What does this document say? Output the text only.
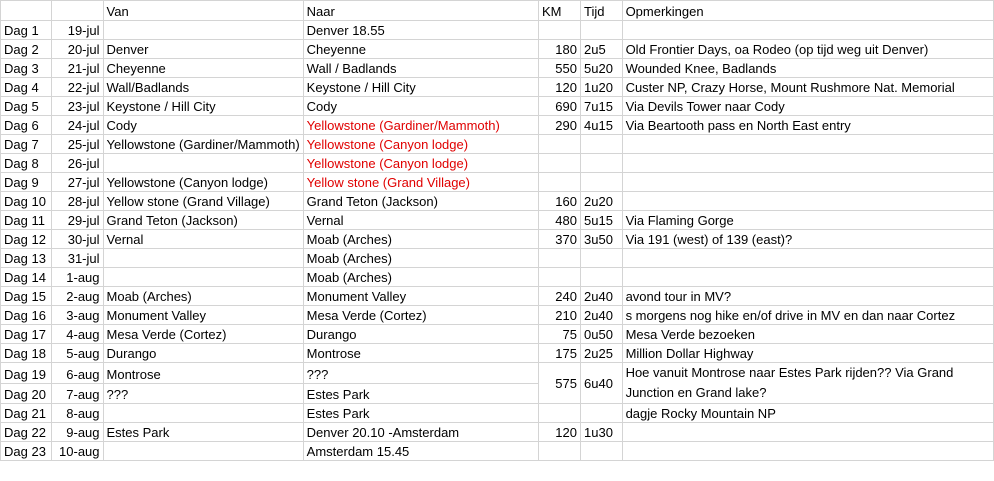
		Van	Naar	KM	Tijd	Opmerkingen
Dag 1	19-jul		Denver 18.55			
Dag 2	20-jul	Denver	Cheyenne	180	2u5	Old Frontier Days, oa Rodeo (op tijd weg uit Denver)
Dag 3	21-jul	Cheyenne	Wall / Badlands	550	5u20	Wounded Knee, Badlands
Dag 4	22-jul	Wall/Badlands	Keystone / Hill City	120	1u20	Custer NP, Crazy Horse, Mount Rushmore Nat. Memorial
Dag 5	23-jul	Keystone / Hill City	Cody	690	7u15	Via Devils Tower naar Cody
Dag 6	24-jul	Cody	Yellowstone (Gardiner/Mammoth)	290	4u15	Via Beartooth pass en North East entry
Dag 7	25-jul	Yellowstone (Gardiner/Mammoth)	Yellowstone (Canyon lodge)			
Dag 8	26-jul		Yellowstone (Canyon lodge)			
Dag 9	27-jul	Yellowstone (Canyon lodge)	Yellow stone (Grand Village)			
Dag 10	28-jul	Yellow stone (Grand Village)	Grand Teton (Jackson)	160	2u20	
Dag 11	29-jul	Grand Teton (Jackson)	Vernal	480	5u15	Via Flaming Gorge
Dag 12	30-jul	Vernal	Moab (Arches)	370	3u50	Via 191 (west) of 139 (east)?
Dag 13	31-jul		Moab (Arches)			
Dag 14	1-aug		Moab (Arches)			
Dag 15	2-aug	Moab (Arches)	Monument Valley	240	2u40	avond tour in MV?
Dag 16	3-aug	Monument Valley	Mesa Verde (Cortez)	210	2u40	s morgens nog hike en/of drive in MV en dan naar Cortez
Dag 17	4-aug	Mesa Verde (Cortez)	Durango	75	0u50	Mesa Verde bezoeken
Dag 18	5-aug	Durango	Montrose	175	2u25	Million Dollar Highway
Dag 19	6-aug	Montrose	???	575	6u40	Hoe vanuit Montrose naar Estes Park rijden?? Via Grand Junction en Grand lake?
Dag 20	7-aug	???	Estes Park			
Dag 21	8-aug		Estes Park			dagje Rocky Mountain NP
Dag 22	9-aug	Estes Park	Denver 20.10 -Amsterdam	120	1u30	
Dag 23	10-aug		Amsterdam 15.45			
